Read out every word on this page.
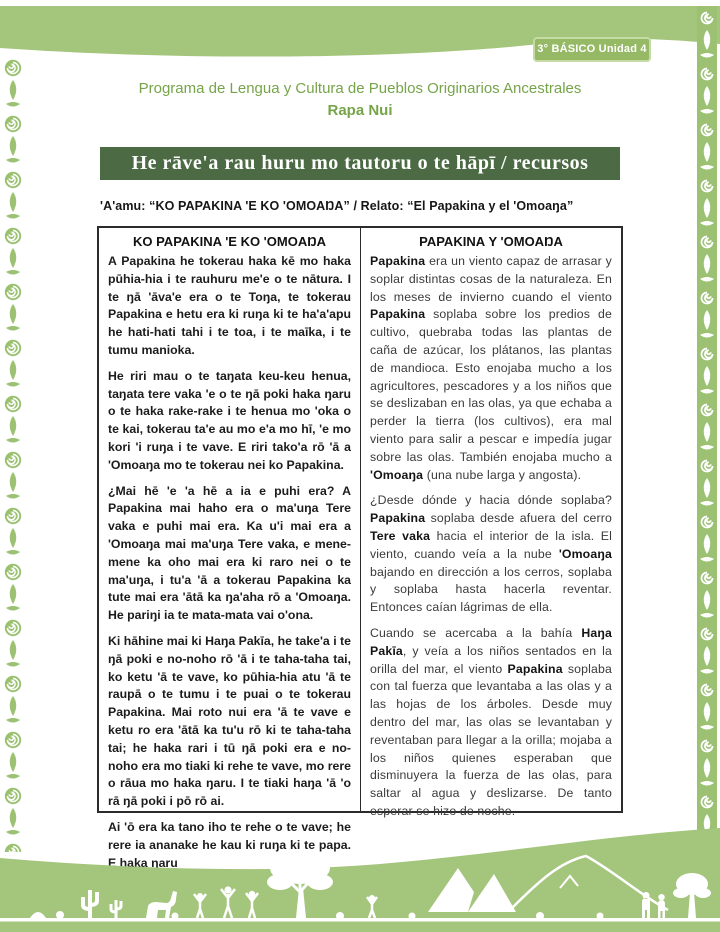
3° BÁSICO Unidad 4
Programa de Lengua y Cultura de Pueblos Originarios Ancestrales
Rapa Nui
He rāve'a rau huru mo tautoru o te hāpī / recursos
'A'amu: “KO PAPAKINA 'E KO 'OMOAŊA” / Relato: “El Papakina y el 'Omoaŋa”
KO PAPAKINA 'E KO 'OMOAŊA

A Papakina he tokerau haka kē mo haka pūhia-hia i te rauhuru me'e o te nātura. I te ŋā 'āva'e era o te Toŋa, te tokerau Papakina e hetu era ki ruŋa ki te ha'a'apu he hati-hati tahi i te toa, i te maīka, i te tumu manioka.

He riri mau o te taŋata keu-keu henua, taŋata tere vaka 'e o te ŋā poki haka ŋaru o te haka rake-rake i te henua mo 'oka o te kai, tokerau ta'e au mo e'a mo hī, 'e mo kori 'i ruŋa i te vave. E riri tako'a rō 'ā a 'Omoaŋa mo te tokerau nei ko Papakina.

¿Mai hē 'e 'a hē a ia e puhi era? A Papakina mai haho era o ma'uŋa Tere vaka e puhi mai era. Ka u'i mai era a 'Omoaŋa mai ma'uŋa Tere vaka, e mene-mene ka oho mai era ki raro nei o te ma'uŋa, i tu'a 'ā a tokerau Papakina ka tute mai era 'ātā ka ŋa'aha rō a 'Omoaŋa. He pariŋi ia te mata-mata vai o'ona.

Ki hāhine mai ki Haŋa Pakīa, he take'a i te ŋā poki e no-noho rō 'ā i te taha-taha tai, ko ketu 'ā te vave, ko pūhia-hia atu 'ā te raupā o te tumu i te puai o te tokerau Papakina. Mai roto nui era 'ā te vave e ketu ro era 'ātā ka tu'u rō ki te taha-taha tai; he haka rari i tū ŋā poki era e no-noho era mo tiaki ki rehe te vave, mo rere o rāua mo haka ŋaru. I te tiaki haŋa 'ā 'o rā ŋā poki i pō rō ai.

Ai 'ō era ka tano iho te rehe o te vave; he rere ia ananake he kau ki ruŋa ki te papa. E haka ŋaru

PAPAKINA Y 'OMOAŊA

Papakina era un viento capaz de arrasar y soplar distintas cosas de la naturaleza. En los meses de invierno cuando el viento Papakina soplaba sobre los predios de cultivo, quebraba todas las plantas de caña de azúcar, los plátanos, las plantas de mandioca. Esto enojaba mucho a los agricultores, pescadores y a los niños que se deslizaban en las olas, ya que echaba a perder la tierra (los cultivos), era mal viento para salir a pescar e impedía jugar sobre las olas. También enojaba mucho a 'Omoaŋa (una nube larga y angosta).

¿Desde dónde y hacia dónde soplaba? Papakina soplaba desde afuera del cerro Tere vaka hacia el interior de la isla. El viento, cuando veía a la nube 'Omoaŋa bajando en dirección a los cerros, soplaba y soplaba hasta hacerla reventar. Entonces caían lágrimas de ella.

Cuando se acercaba a la bahía Haŋa Pakīa, y veía a los niños sentados en la orilla del mar, el viento Papakina soplaba con tal fuerza que levantaba a las olas y a las hojas de los árboles. Desde muy dentro del mar, las olas se levantaban y reventaban para llegar a la orilla; mojaba a los niños quienes esperaban que disminuyera la fuerza de las olas, para saltar al agua y deslizarse. De tanto esperar se hizo de noche.
